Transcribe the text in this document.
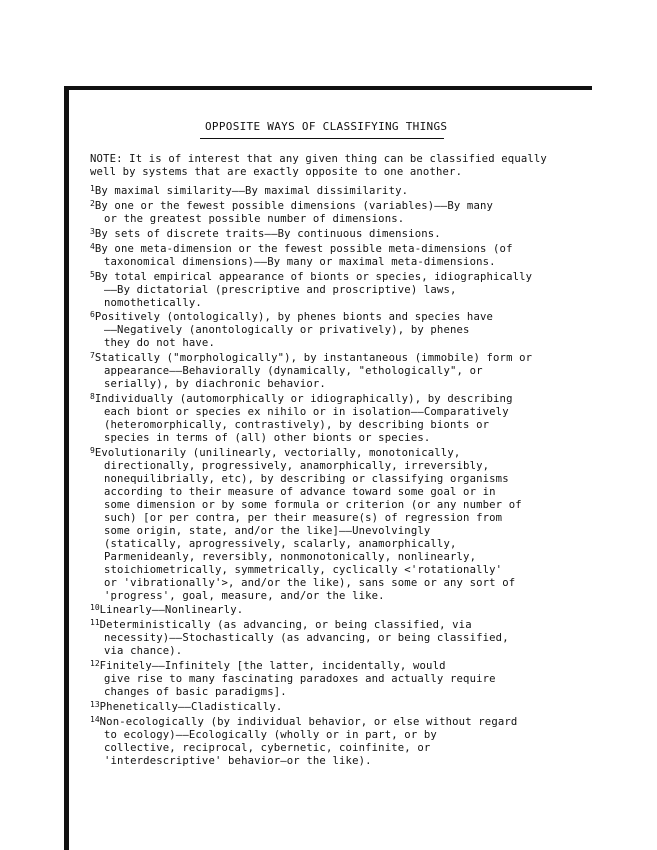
OPPOSITE WAYS OF CLASSIFYING THINGS

NOTE: It is of interest that any given thing can be classified equally well by systems that are exactly opposite to one another.

$^1$By maximal similarity——By maximal dissimilarity.

$^2$By one or the fewest possible dimensions (variables)——By many

or the greatest possible number of dimensions.

$^3$By sets of discrete traits——By continuous dimensions.

$^4$By one meta-dimension or the fewest possible meta-dimensions (of

taxonomical dimensions)——By many or maximal meta-dimensions.

$^5$By total empirical appearance of bionts or species, idiographically

——By dictatorial (prescriptive and proscriptive) laws,

nomothetically.

$^6$Positively (ontologically), by phenes bionts and species have

——Negatively (anontologically or privatively), by phenes

they do not have.

$^7$Statically ("morphologically"), by instantaneous (immobile) form or

appearance——Behaviorally (dynamically, "ethologically", or

serially), by diachronic behavior.

$^8$Individually (automorphically or idiographically), by describing

each biont or species ex nihilo or in isolation——Comparatively

(heteromorphically, contrastively), by describing bionts or

species in terms of (all) other bionts or species.

$^9$Evolutionarily (unilinearly, vectorially, monotonically,

directionally, progressively, anamorphically, irreversibly,

nonequilibrially, etc), by describing or classifying organisms

according to their measure of advance toward some goal or in

some dimension or by some formula or criterion (or any number of

such) [or per contra, per their measure(s) of regression from

some origin, state, and/or the like]——Unevolvingly

(statically, aprogressively, scalarly, anamorphically,

Parmenideanly, reversibly, nonmonotonically, nonlinearly,

stoichiometrically, symmetrically, cyclically <'rotationally'

or 'vibrationally'>, and/or the like), sans some or any sort of

'progress', goal, measure, and/or the like.

$^{10}$Linearly——Nonlinearly.

$^{11}$Deterministically (as advancing, or being classified, via

necessity)——Stochastically (as advancing, or being classified,

via chance).

$^{12}$Finitely——Infinitely [the latter, incidentally, would

give rise to many fascinating paradoxes and actually require

changes of basic paradigms].

$^{13}$Phenetically——Cladistically.

$^{14}$Non-ecologically (by individual behavior, or else without regard

to ecology)——Ecologically (wholly or in part, or by

collective, reciprocal, cybernetic, coinfinite, or

'interdescriptive' behavior—or the like).
